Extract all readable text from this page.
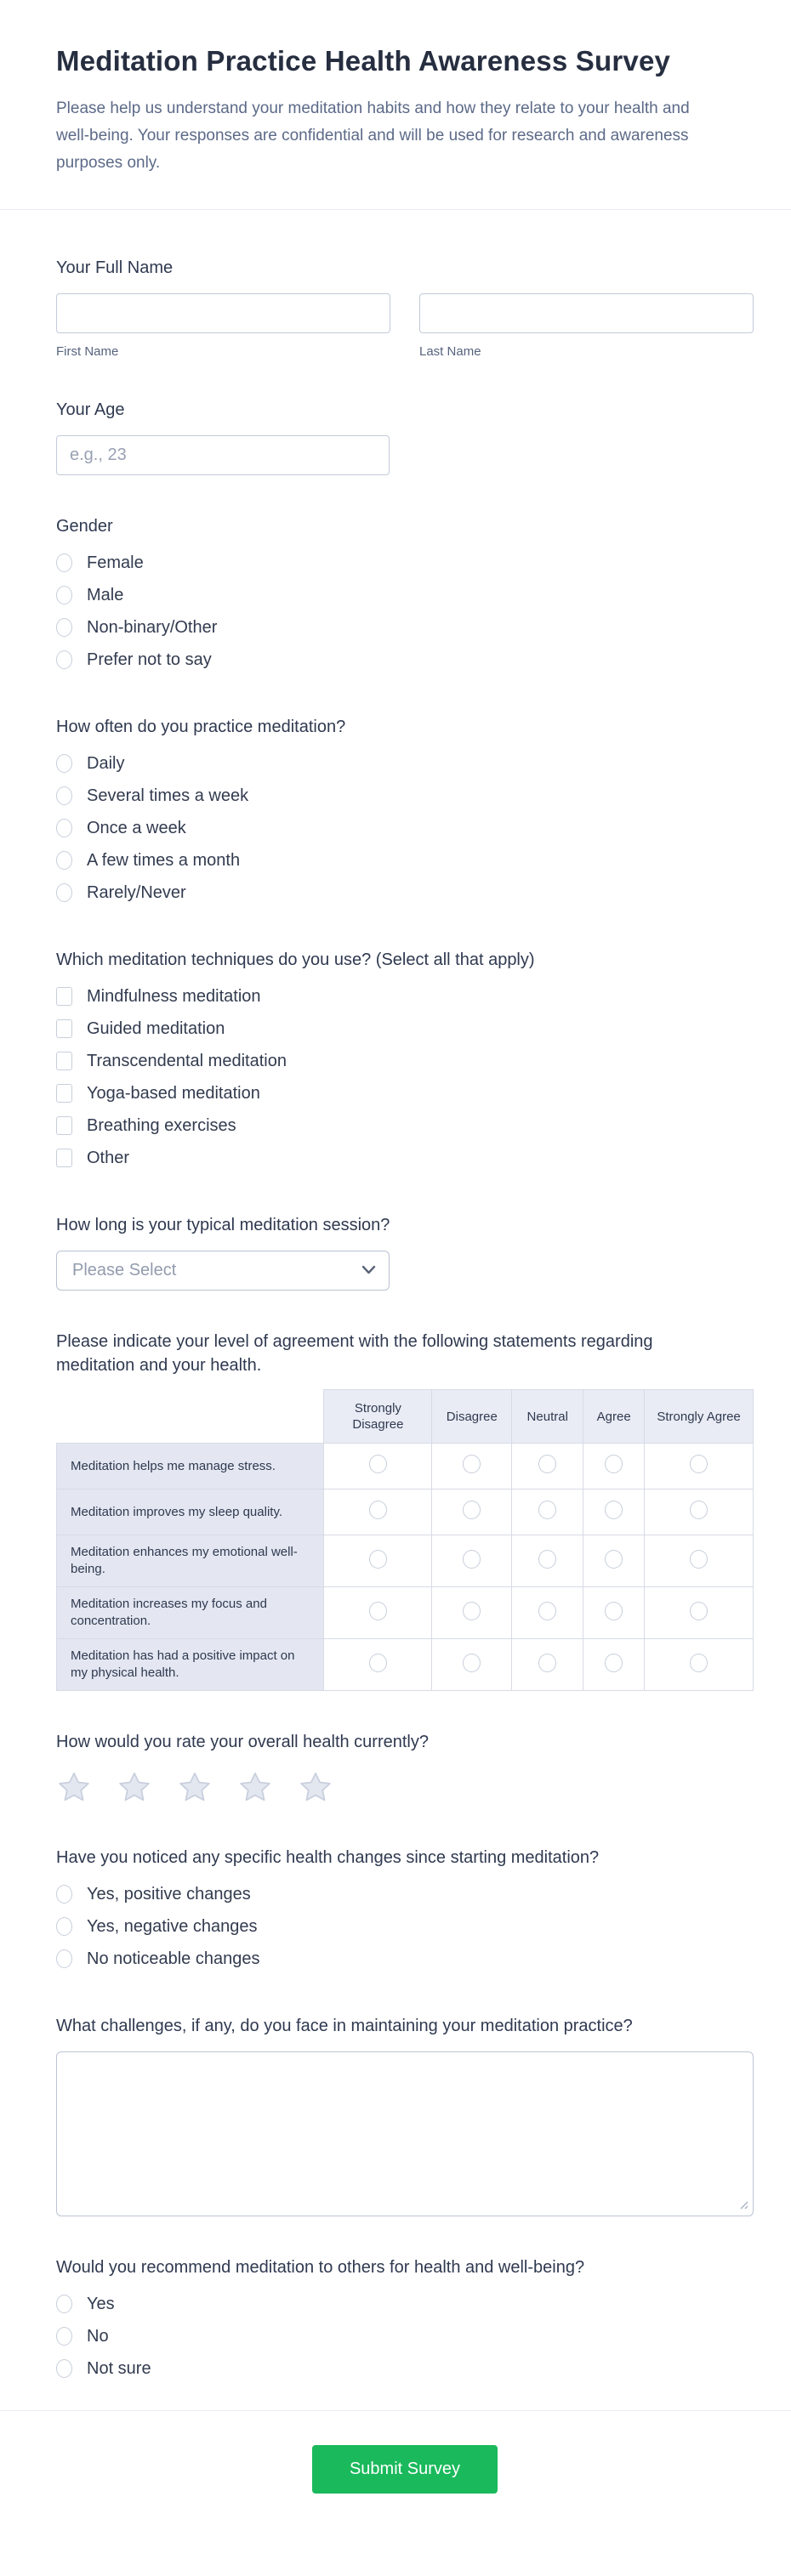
Meditation Practice Health Awareness Survey

Please help us understand your meditation habits and how they relate to your health and well-being. Your responses are confidential and will be used for research and awareness purposes only.

Your Full Name
First Name	Last Name
Your Age
e.g., 23
Gender
Female
Male
Non-binary/Other
Prefer not to say
How often do you practice meditation?
Daily
Several times a week
Once a week
A few times a month
Rarely/Never
Which meditation techniques do you use? (Select all that apply)
Mindfulness meditation
Guided meditation
Transcendental meditation
Yoga-based meditation
Breathing exercises
Other
How long is your typical meditation session?
Please Select
Please indicate your level of agreement with the following statements regarding meditation and your health.
	Strongly Disagree	Disagree	Neutral	Agree	Strongly Agree
Meditation helps me manage stress.					
Meditation improves my sleep quality.					
Meditation enhances my emotional well-being.					
Meditation increases my focus and concentration.					
Meditation has had a positive impact on my physical health.					
How would you rate your overall health currently?
Have you noticed any specific health changes since starting meditation?
Yes, positive changes
Yes, negative changes
No noticeable changes
What challenges, if any, do you face in maintaining your meditation practice?
Would you recommend meditation to others for health and well-being?
Yes
No
Not sure
Submit Survey
